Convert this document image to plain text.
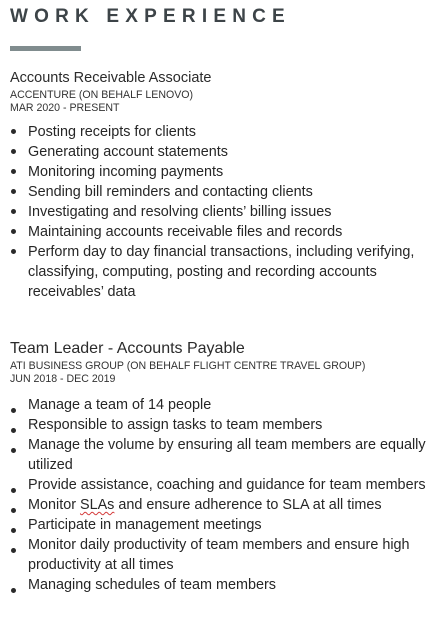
WORK EXPERIENCE
Accounts Receivable Associate

ACCENTURE (ON BEHALF LENOVO)

MAR 2020 - PRESENT

Posting receipts for clients
Generating account statements
Monitoring incoming payments
Sending bill reminders and contacting clients
Investigating and resolving clients’ billing issues
Maintaining accounts receivable files and records
Perform day to day financial transactions, including verifying, classifying, computing, posting and recording accounts receivables’ data
Team Leader - Accounts Payable

ATI BUSINESS GROUP (ON BEHALF FLIGHT CENTRE TRAVEL GROUP)

JUN 2018 - DEC 2019

Manage a team of 14 people
Responsible to assign tasks to team members
Manage the volume by ensuring all team members are equally utilized
Provide assistance, coaching and guidance for team members
Monitor SLAs and ensure adherence to SLA at all times
Participate in management meetings
Monitor daily productivity of team members and ensure high productivity at all times
Managing schedules of team members
